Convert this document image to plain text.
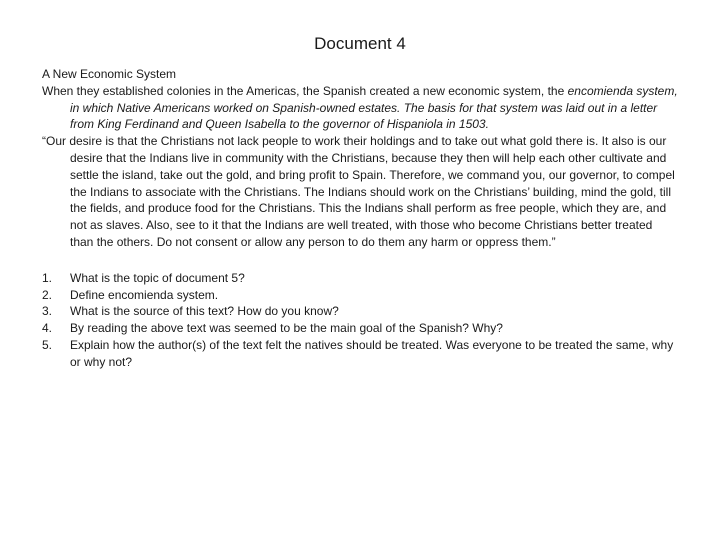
Document 4

A New Economic System

When they established colonies in the Americas, the Spanish created a new economic system, the encomienda system, in which Native Americans worked on Spanish-owned estates. The basis for that system was laid out in a letter from King Ferdinand and Queen Isabella to the governor of Hispaniola in 1503.

“Our desire is that the Christians not lack people to work their holdings and to take out what gold there is. It also is our desire that the Indians live in community with the Christians, because they then will help each other cultivate and settle the island, take out the gold, and bring profit to Spain. Therefore, we command you, our governor, to compel the Indians to associate with the Christians. The Indians should work on the Christians’ building, mind the gold, till the fields, and produce food for the Christians. This the Indians shall perform as free people, which they are, and not as slaves. Also, see to it that the Indians are well treated, with those who become Christians better treated than the others. Do not consent or allow any person to do them any harm or oppress them.”

1. What is the topic of document 5?
2. Define encomienda system.
3. What is the source of this text? How do you know?
4. By reading the above text was seemed to be the main goal of the Spanish? Why?
5. Explain how the author(s) of the text felt the natives should be treated. Was everyone to be treated the same, why or why not?
